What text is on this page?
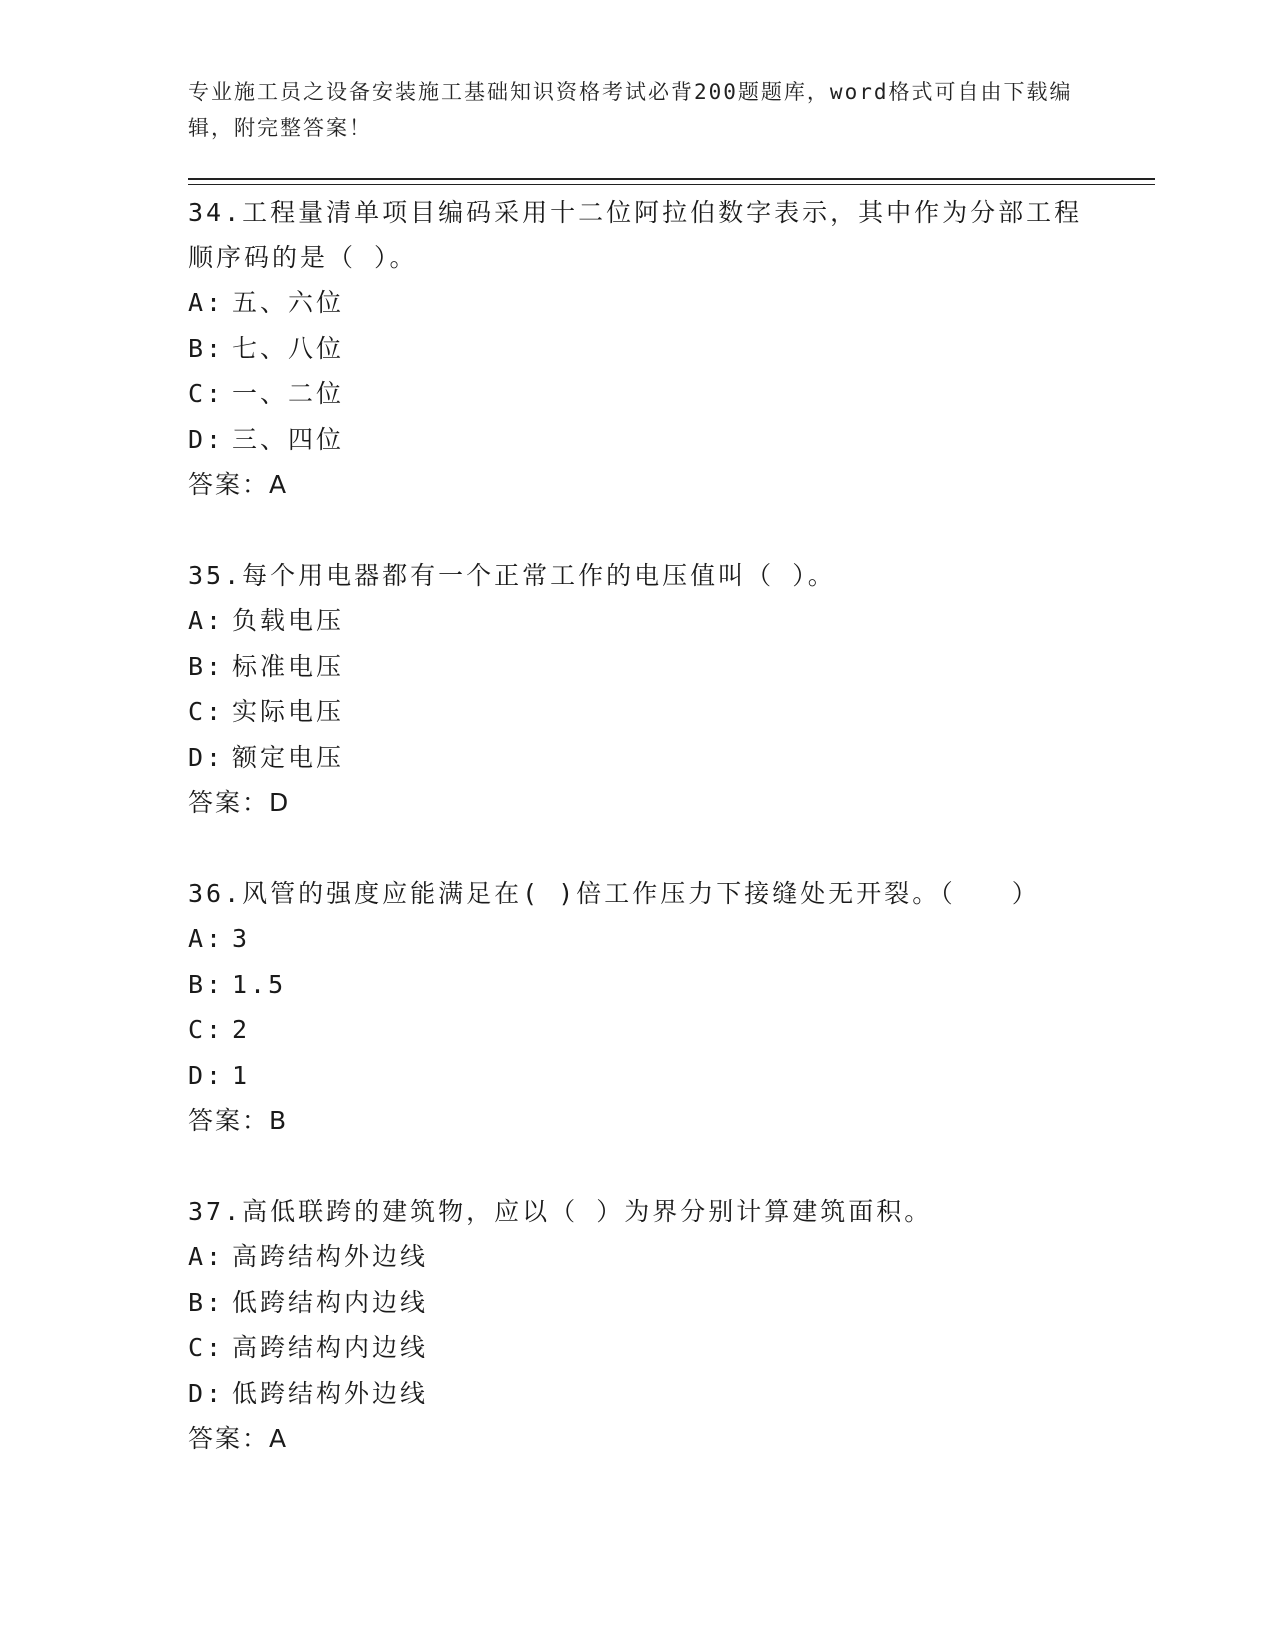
专业施工员之设备安装施工基础知识资格考试必背200题题库，word格式可自由下载编辑，附完整答案！
34.工程量清单项目编码采用十二位阿拉伯数字表示，其中作为分部工程顺序码的是（ ）。
A: 五、六位
B: 七、八位
C: 一、二位
D: 三、四位
答案：A
35.每个用电器都有一个正常工作的电压值叫（ ）。
A: 负载电压
B: 标准电压
C: 实际电压
D: 额定电压
答案：D
36.风管的强度应能满足在( )倍工作压力下接缝处无开裂。（　　）
A: 3
B: 1.5
C: 2
D: 1
答案：B
37.高低联跨的建筑物，应以（ ）为界分别计算建筑面积。
A: 高跨结构外边线
B: 低跨结构内边线
C: 高跨结构内边线
D: 低跨结构外边线
答案：A
